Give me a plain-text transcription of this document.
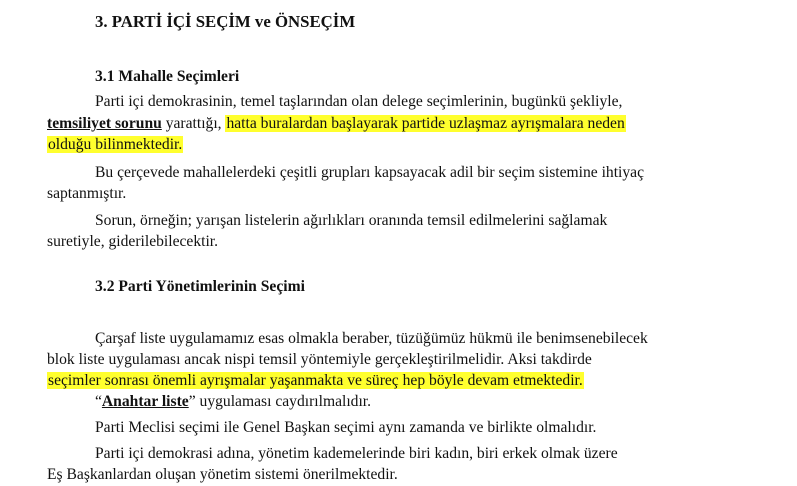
3. PARTİ İÇİ SEÇİM ve ÖNSEÇİM
3.1 Mahalle Seçimleri
Parti içi demokrasinin, temel taşlarından olan delege seçimlerinin, bugünkü şekliyle,
temsiliyet sorunu yarattığı, hatta buralardan başlayarak partide uzlaşmaz ayrışmalara neden
olduğu bilinmektedir.
Bu çerçevede mahallelerdeki çeşitli grupları kapsayacak adil bir seçim sistemine ihtiyaç
saptanmıştır.
Sorun, örneğin; yarışan listelerin ağırlıkları oranında temsil edilmelerini sağlamak
suretiyle, giderilebilecektir.
3.2 Parti Yönetimlerinin Seçimi
Çarşaf liste uygulamamız esas olmakla beraber, tüzüğümüz hükmü ile benimsenebilecek
blok liste uygulaması ancak nispi temsil yöntemiyle gerçekleştirilmelidir. Aksi takdirde
seçimler sonrası önemli ayrışmalar yaşanmakta ve süreç hep böyle devam etmektedir.
“Anahtar liste” uygulaması caydırılmalıdır.
Parti Meclisi seçimi ile Genel Başkan seçimi aynı zamanda ve birlikte olmalıdır.
Parti içi demokrasi adına, yönetim kademelerinde biri kadın, biri erkek olmak üzere
Eş Başkanlardan oluşan yönetim sistemi önerilmektedir.
